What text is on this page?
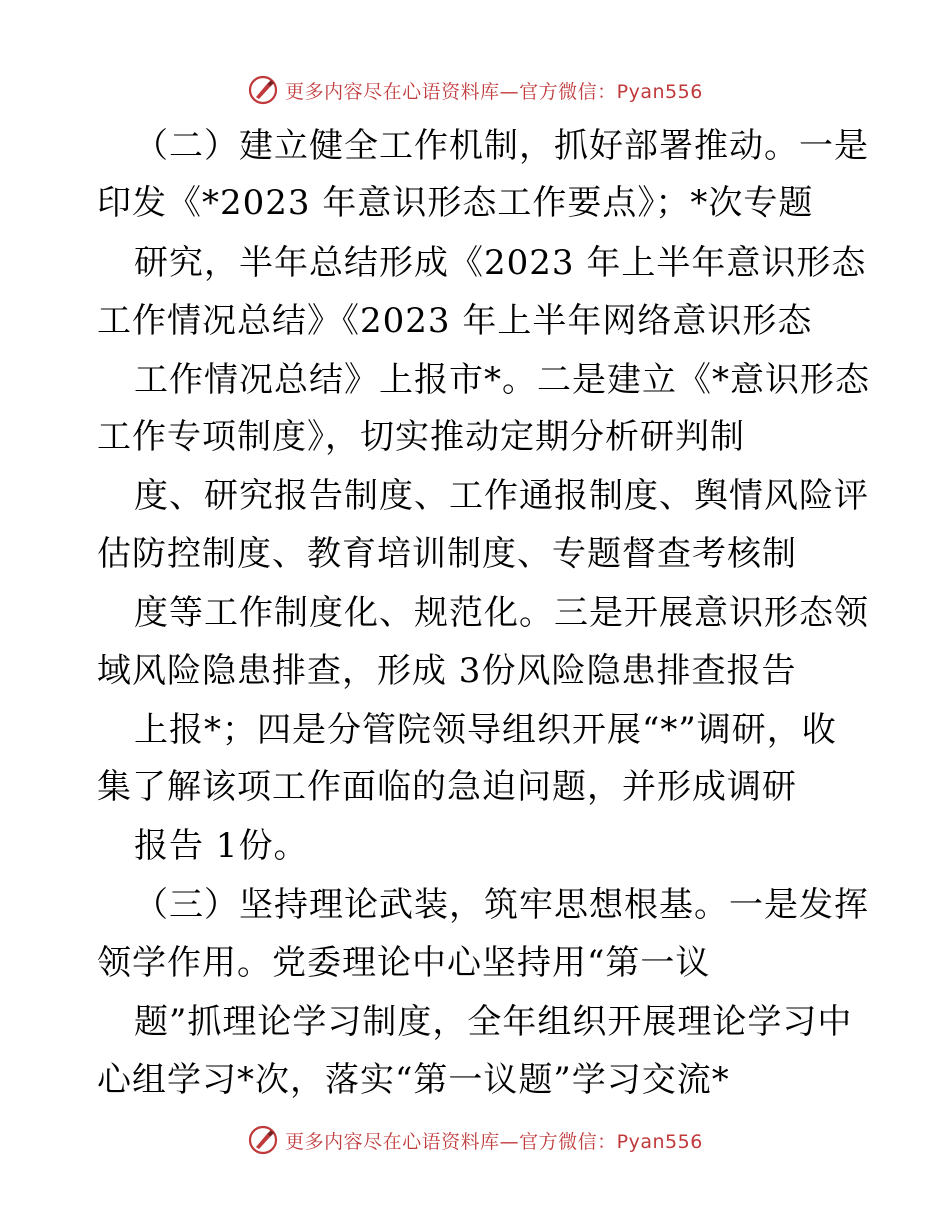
更多内容尽在心语资料库—官方微信：Pyan556
（二）建立健全工作机制，抓好部署推动。一是
印发《*2023 年意识形态工作要点》；*次专题
研究，半年总结形成《2023 年上半年意识形态
工作情况总结》《2023 年上半年网络意识形态
工作情况总结》上报市*。二是建立《*意识形态
工作专项制度》，切实推动定期分析研判制
度、研究报告制度、工作通报制度、舆情风险评
估防控制度、教育培训制度、专题督查考核制
度等工作制度化、规范化。三是开展意识形态领
域风险隐患排查，形成 3份风险隐患排查报告
上报*；四是分管院领导组织开展“*”调研，收
集了解该项工作面临的急迫问题，并形成调研
报告 1份。
（三）坚持理论武装，筑牢思想根基。一是发挥
领学作用。党委理论中心坚持用“第一议
题”抓理论学习制度，全年组织开展理论学习中
心组学习*次，落实“第一议题”学习交流*
更多内容尽在心语资料库—官方微信：Pyan556
